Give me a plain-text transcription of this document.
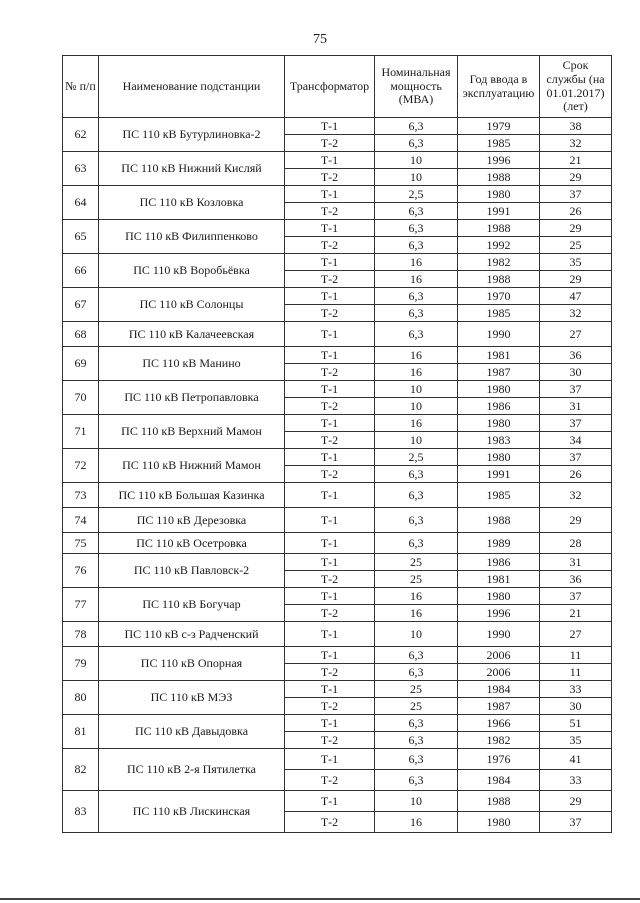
75
№ п/п	Наименование подстанции	Трансформатор	Номинальная мощность (МВА)	Год ввода в эксплуатацию	Срок службы (на 01.01.2017) (лет)
62	ПС 110 кВ Бутурлиновка-2	Т-1	6,3	1979	38
		Т-2	6,3	1985	32
63	ПС 110 кВ Нижний Кисляй	Т-1	10	1996	21
		Т-2	10	1988	29
64	ПС 110 кВ Козловка	Т-1	2,5	1980	37
		Т-2	6,3	1991	26
65	ПС 110 кВ Филиппенково	Т-1	6,3	1988	29
		Т-2	6,3	1992	25
66	ПС 110 кВ Воробьёвка	Т-1	16	1982	35
		Т-2	16	1988	29
67	ПС 110 кВ Солонцы	Т-1	6,3	1970	47
		Т-2	6,3	1985	32
68	ПС 110 кВ Калачеевская	Т-1	6,3	1990	27
69	ПС 110 кВ Манино	Т-1	16	1981	36
		Т-2	16	1987	30
70	ПС 110 кВ Петропавловка	Т-1	10	1980	37
		Т-2	10	1986	31
71	ПС 110 кВ Верхний Мамон	Т-1	16	1980	37
		Т-2	10	1983	34
72	ПС 110 кВ Нижний Мамон	Т-1	2,5	1980	37
		Т-2	6,3	1991	26
73	ПС 110 кВ Большая Казинка	Т-1	6,3	1985	32
74	ПС 110 кВ Дерезовка	Т-1	6,3	1988	29
75	ПС 110 кВ Осетровка	Т-1	6,3	1989	28
76	ПС 110 кВ Павловск-2	Т-1	25	1986	31
		Т-2	25	1981	36
77	ПС 110 кВ Богучар	Т-1	16	1980	37
		Т-2	16	1996	21
78	ПС 110 кВ с-з Радченский	Т-1	10	1990	27
79	ПС 110 кВ Опорная	Т-1	6,3	2006	11
		Т-2	6,3	2006	11
80	ПС 110 кВ МЭЗ	Т-1	25	1984	33
		Т-2	25	1987	30
81	ПС 110 кВ Давыдовка	Т-1	6,3	1966	51
		Т-2	6,3	1982	35
82	ПС 110 кВ 2-я Пятилетка	Т-1	6,3	1976	41
		Т-2	6,3	1984	33
83	ПС 110 кВ Лискинская	Т-1	10	1988	29
		Т-2	16	1980	37
